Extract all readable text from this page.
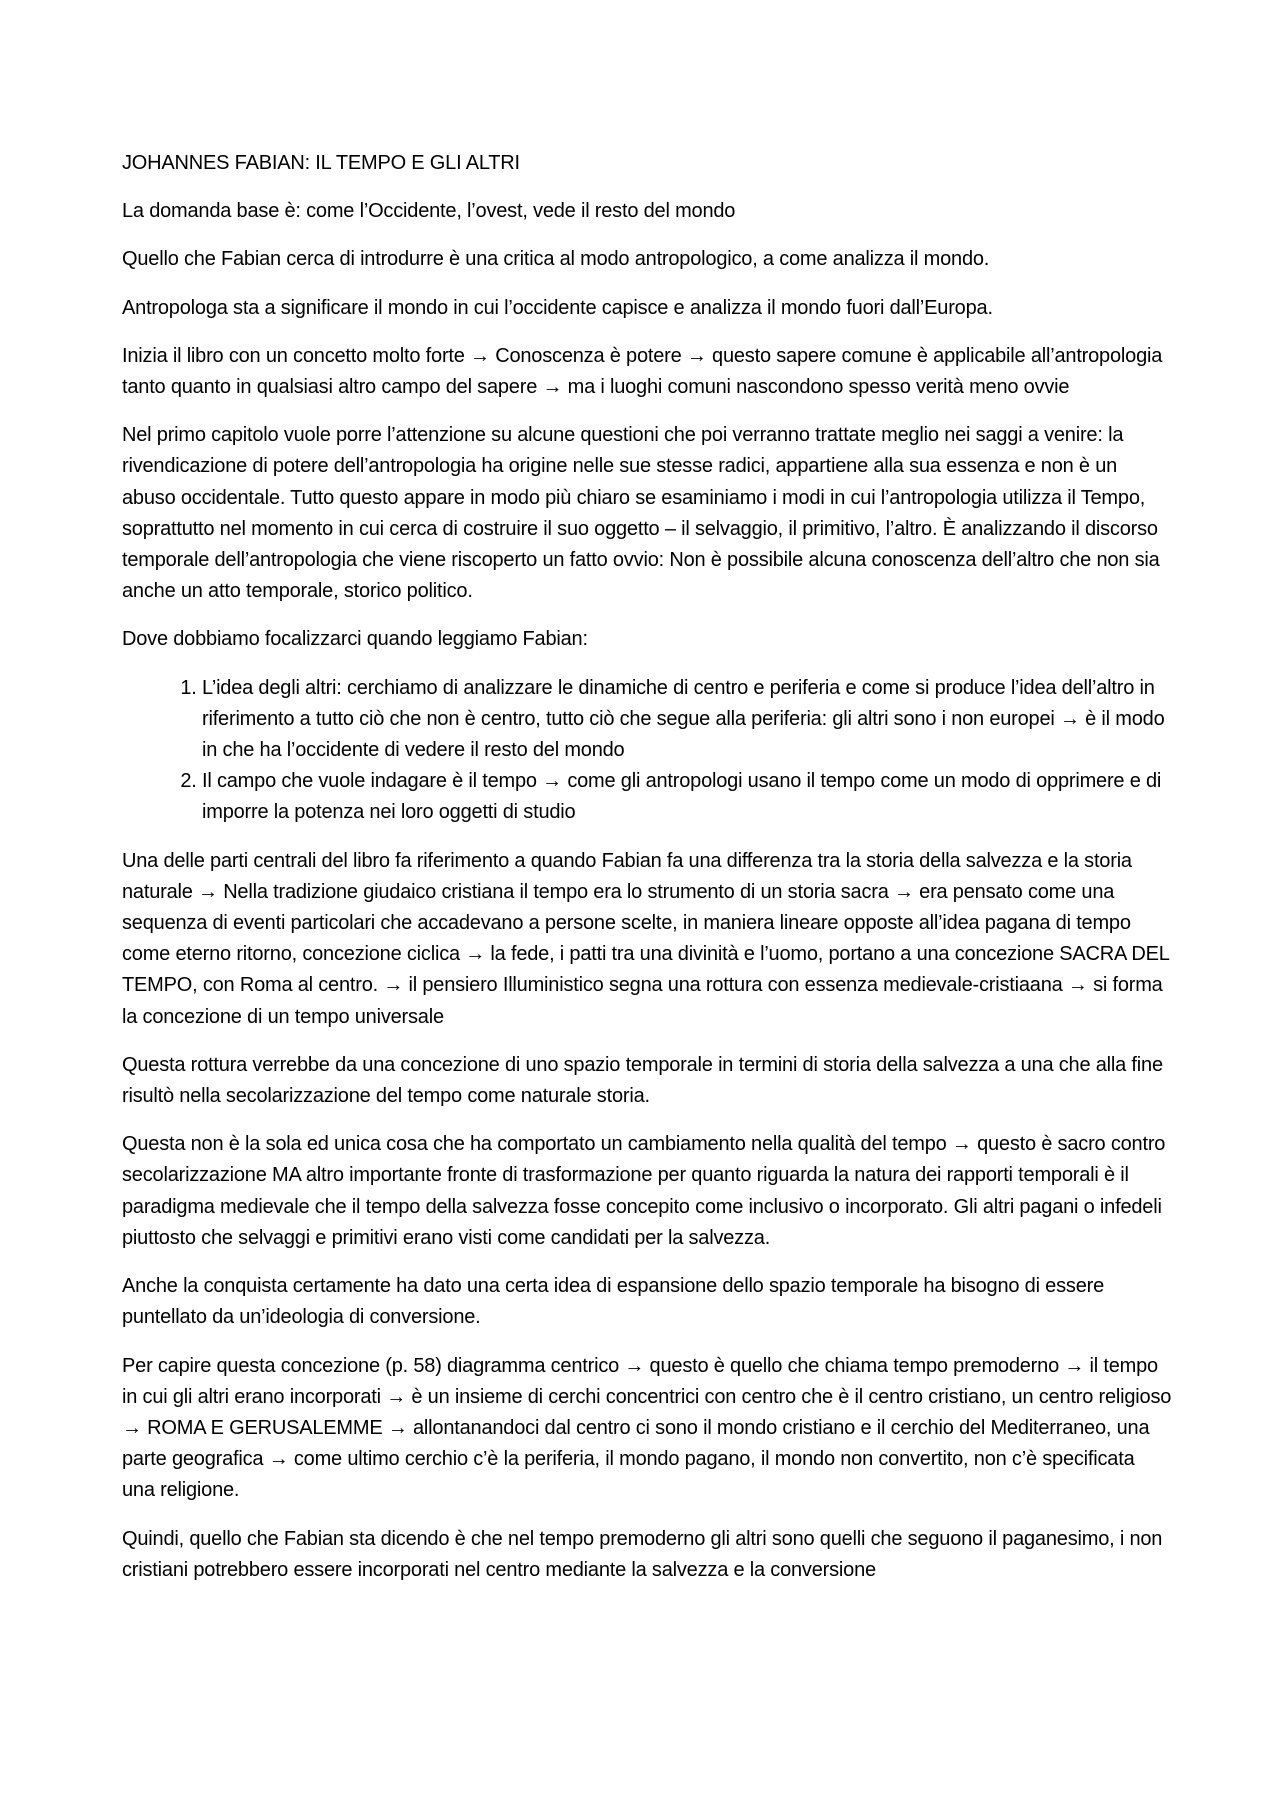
JOHANNES FABIAN: IL TEMPO E GLI ALTRI

La domanda base è: come l’Occidente, l’ovest, vede il resto del mondo

Quello che Fabian cerca di introdurre è una critica al modo antropologico, a come analizza il mondo.

Antropologa sta a significare il mondo in cui l’occidente capisce e analizza il mondo fuori dall’Europa.

Inizia il libro con un concetto molto forte → Conoscenza è potere → questo sapere comune è applicabile all’antropologia tanto quanto in qualsiasi altro campo del sapere → ma i luoghi comuni nascondono spesso verità meno ovvie

Nel primo capitolo vuole porre l’attenzione su alcune questioni che poi verranno trattate meglio nei saggi a venire: la rivendicazione di potere dell’antropologia ha origine nelle sue stesse radici, appartiene alla sua essenza e non è un abuso occidentale. Tutto questo appare in modo più chiaro se esaminiamo i modi in cui l’antropologia utilizza il Tempo, soprattutto nel momento in cui cerca di costruire il suo oggetto – il selvaggio, il primitivo, l’altro. È analizzando il discorso temporale dell’antropologia che viene riscoperto un fatto ovvio: Non è possibile alcuna conoscenza dell’altro che non sia anche un atto temporale, storico politico.

Dove dobbiamo focalizzarci quando leggiamo Fabian:

1. L’idea degli altri: cerchiamo di analizzare le dinamiche di centro e periferia e come si produce l’idea dell’altro in riferimento a tutto ciò che non è centro, tutto ciò che segue alla periferia: gli altri sono i non europei → è il modo in che ha l’occidente di vedere il resto del mondo
2. Il campo che vuole indagare è il tempo → come gli antropologi usano il tempo come un modo di opprimere e di imporre la potenza nei loro oggetti di studio

Una delle parti centrali del libro fa riferimento a quando Fabian fa una differenza tra la storia della salvezza e la storia naturale → Nella tradizione giudaico cristiana il tempo era lo strumento di un storia sacra → era pensato come una sequenza di eventi particolari che accadevano a persone scelte, in maniera lineare opposte all’idea pagana di tempo come eterno ritorno, concezione ciclica → la fede, i patti tra una divinità e l’uomo, portano a una concezione SACRA DEL TEMPO, con Roma al centro. → il pensiero Illuministico segna una rottura con essenza medievale-cristiaana → si forma la concezione di un tempo universale

Questa rottura verrebbe da una concezione di uno spazio temporale in termini di storia della salvezza a una che alla fine risultò nella secolarizzazione del tempo come naturale storia.

Questa non è la sola ed unica cosa che ha comportato un cambiamento nella qualità del tempo → questo è sacro contro secolarizzazione MA altro importante fronte di trasformazione per quanto riguarda la natura dei rapporti temporali è il paradigma medievale che il tempo della salvezza fosse concepito come inclusivo o incorporato. Gli altri pagani o infedeli piuttosto che selvaggi e primitivi erano visti come candidati per la salvezza.

Anche la conquista certamente ha dato una certa idea di espansione dello spazio temporale ha bisogno di essere puntellato da un’ideologia di conversione.

Per capire questa concezione (p. 58) diagramma centrico → questo è quello che chiama tempo premoderno → il tempo in cui gli altri erano incorporati → è un insieme di cerchi concentrici con centro che è il centro cristiano, un centro religioso → ROMA E GERUSALEMME → allontanandoci dal centro ci sono il mondo cristiano e il cerchio del Mediterraneo, una parte geografica → come ultimo cerchio c’è la periferia, il mondo pagano, il mondo non convertito, non c’è specificata una religione.

Quindi, quello che Fabian sta dicendo è che nel tempo premoderno gli altri sono quelli che seguono il paganesimo, i non cristiani potrebbero essere incorporati nel centro mediante la salvezza e la conversione
